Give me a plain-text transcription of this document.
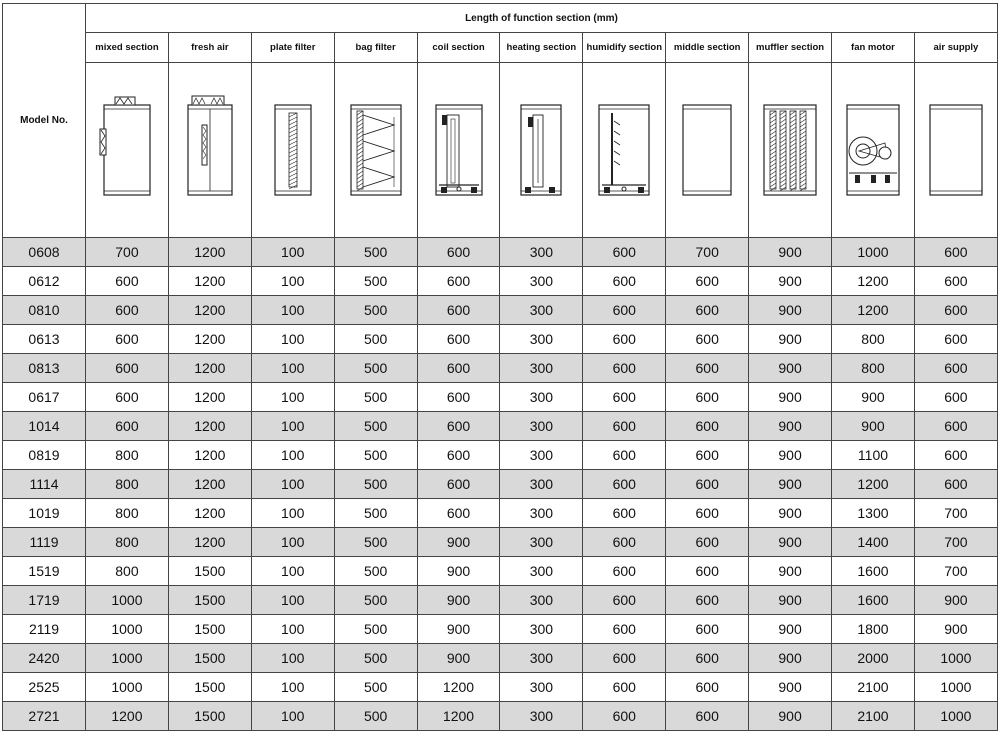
Model No.	Length of function section (mm)										
	mixed section	fresh air	plate filter	bag filter	coil section	heating section	humidify section	middle section	muffler section	fan motor	air supply

0608	700	1200	100	500	600	300	600	700	900	1000	600
0612	600	1200	100	500	600	300	600	600	900	1200	600
0810	600	1200	100	500	600	300	600	600	900	1200	600
0613	600	1200	100	500	600	300	600	600	900	800	600
0813	600	1200	100	500	600	300	600	600	900	800	600
0617	600	1200	100	500	600	300	600	600	900	900	600
1014	600	1200	100	500	600	300	600	600	900	900	600
0819	800	1200	100	500	600	300	600	600	900	1100	600
1114	800	1200	100	500	600	300	600	600	900	1200	600
1019	800	1200	100	500	600	300	600	600	900	1300	700
1119	800	1200	100	500	900	300	600	600	900	1400	700
1519	800	1500	100	500	900	300	600	600	900	1600	700
1719	1000	1500	100	500	900	300	600	600	900	1600	900
2119	1000	1500	100	500	900	300	600	600	900	1800	900
2420	1000	1500	100	500	900	300	600	600	900	2000	1000
2525	1000	1500	100	500	1200	300	600	600	900	2100	1000
2721	1200	1500	100	500	1200	300	600	600	900	2100	1000
